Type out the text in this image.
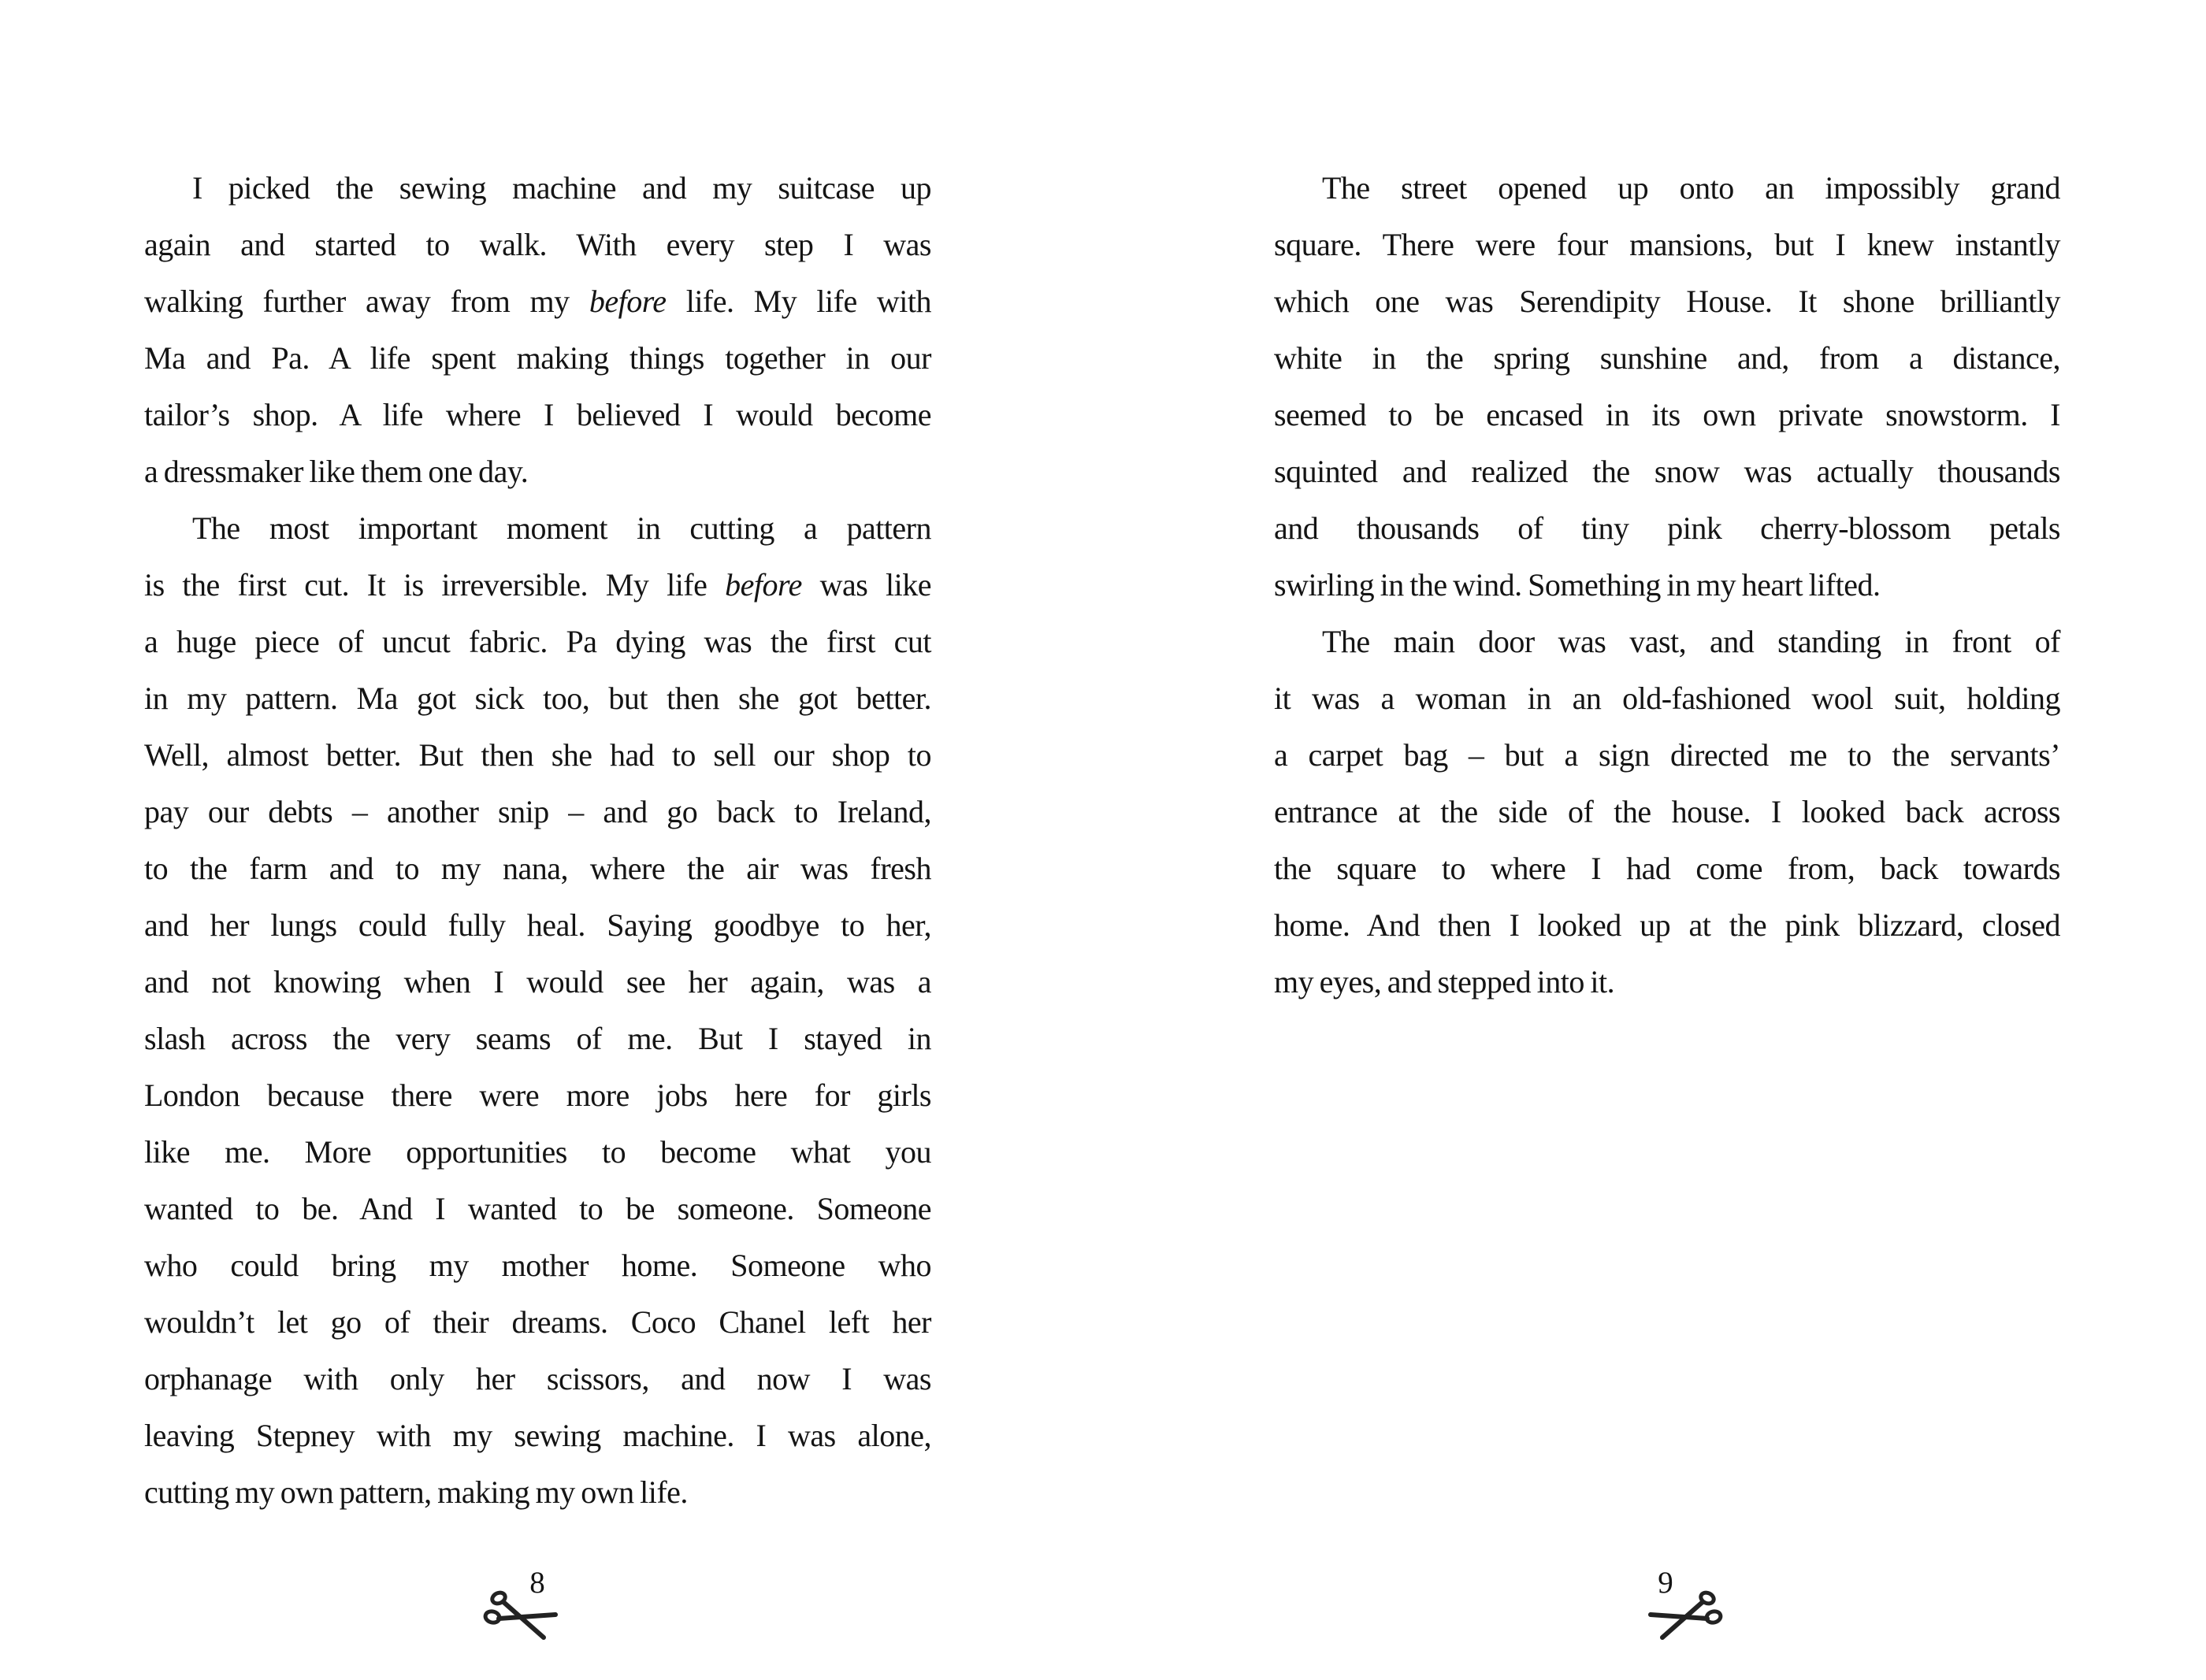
I picked the sewing machine and my suitcase up
again and started to walk. With every step I was
walking further away from my before life. My life with
Ma and Pa. A life spent making things together in our
tailor’s shop. A life where I believed I would become
a dressmaker like them one day.
The most important moment in cutting a pattern
is the first cut. It is irreversible. My life before was like
a huge piece of uncut fabric. Pa dying was the first cut
in my pattern. Ma got sick too, but then she got better.
Well, almost better. But then she had to sell our shop to
pay our debts – another snip – and go back to Ireland,
to the farm and to my nana, where the air was fresh
and her lungs could fully heal. Saying goodbye to her,
and not knowing when I would see her again, was a
slash across the very seams of me. But I stayed in
London because there were more jobs here for girls
like me. More opportunities to become what you
wanted to be. And I wanted to be someone. Someone
who could bring my mother home. Someone who
wouldn’t let go of their dreams. Coco Chanel left her
orphanage with only her scissors, and now I was
leaving Stepney with my sewing machine. I was alone,
cutting my own pattern, making my own life.
8
The street opened up onto an impossibly grand
square. There were four mansions, but I knew instantly
which one was Serendipity House. It shone brilliantly
white in the spring sunshine and, from a distance,
seemed to be encased in its own private snowstorm. I
squinted and realized the snow was actually thousands
and thousands of tiny pink cherry-blossom petals
swirling in the wind. Something in my heart lifted.
The main door was vast, and standing in front of
it was a woman in an old-fashioned wool suit, holding
a carpet bag – but a sign directed me to the servants’
entrance at the side of the house. I looked back across
the square to where I had come from, back towards
home. And then I looked up at the pink blizzard, closed
my eyes, and stepped into it.
9
